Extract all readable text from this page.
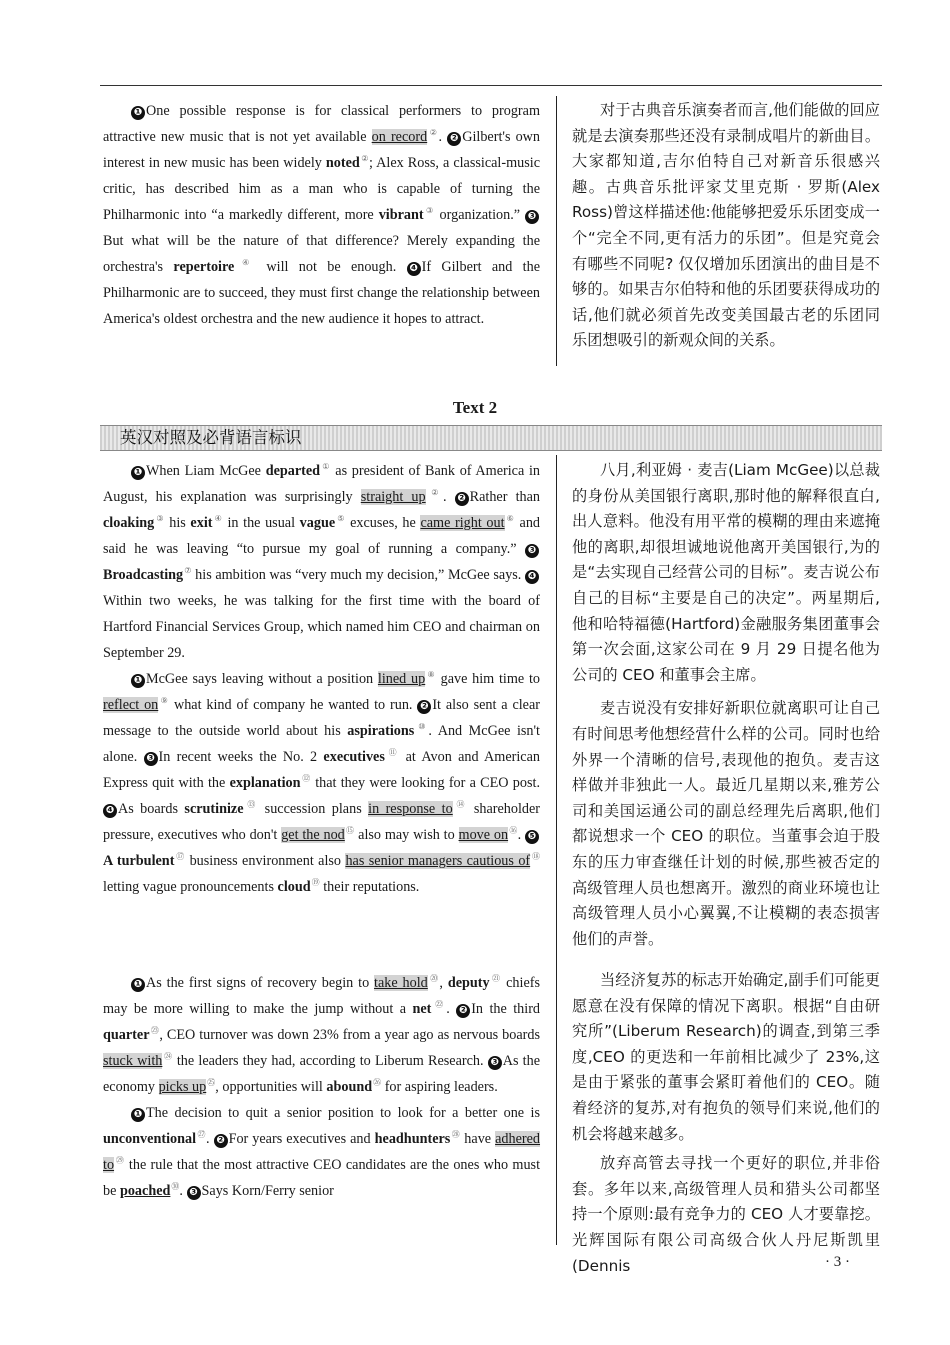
❶ One possible response is for classical performers to program attractive new music that is not yet available on record②. ❷ Gilbert's own interest in new music has been widely noted②; Alex Ross, a classical-music critic, has described him as a man who is capable of turning the Philharmonic into “a markedly different, more vibrant③ organization.” ❸But what will be the nature of that difference? Merely expanding the orchestra's repertoire④ will not be enough. ❹ If Gilbert and the Philharmonic are to succeed, they must first change the relationship between America's oldest orchestra and the new audience it hopes to attract.

对于古典音乐演奏者而言,他们能做的回应就是去演奏那些还没有录制成唱片的新曲目。大家都知道,吉尔伯特自己对新音乐很感兴趣。古典音乐批评家艾里克斯 · 罗斯(Alex Ross)曾这样描述他:他能够把爱乐乐团变成一个“完全不同,更有活力的乐团”。但是究竟会有哪些不同呢? 仅仅增加乐团演出的曲目是不够的。如果吉尔伯特和他的乐团要获得成功的话,他们就必须首先改变美国最古老的乐团同乐团想吸引的新观众间的关系。

Text 2
英汉对照及必背语言标识

❶ When Liam McGee departed① as president of Bank of America in August, his explanation was surprisingly straight up②. ❷ Rather than cloaking③ his exit④ in the usual vague⑤ excuses, he came right out⑥ and said he was leaving “to pursue my goal of running a company.” ❸Broadcasting⑦ his ambition was “very much my decision,” McGee says. ❹Within two weeks, he was talking for the first time with the board of Hartford Financial Services Group, which named him CEO and chairman on September 29.

❶ McGee says leaving without a position lined up⑧ gave him time to reflect on⑨ what kind of company he wanted to run. ❷ It also sent a clear message to the outside world about his aspirations⑩. And McGee isn't alone. ❸ In recent weeks the No. 2 executives⑪ at Avon and American Express quit with the explanation⑫ that they were looking for a CEO post. ❹ As boards scrutinize⑬ succession plans in response to⑭ shareholder pressure, executives who don't get the nod⑮ also may wish to move on⑯. ❺A turbulent⑰ business environment also has senior managers cautious of⑱ letting vague pronouncements cloud⑲ their reputations.

八月,利亚姆 · 麦吉(Liam McGee)以总裁的身份从美国银行离职,那时他的解释很直白,出人意料。他没有用平常的模糊的理由来遮掩他的离职,却很坦诚地说他离开美国银行,为的是“去实现自己经营公司的目标”。麦吉说公布自己的目标“主要是自己的决定”。两星期后,他和哈特福德(Hartford)金融服务集团董事会第一次会面,这家公司在 9 月 29 日提名他为公司的 CEO 和董事会主席。

麦吉说没有安排好新职位就离职可让自己有时间思考他想经营什么样的公司。同时也给外界一个清晰的信号,表现他的抱负。麦吉这样做并非独此一人。最近几星期以来,雅芳公司和美国运通公司的副总经理先后离职,他们都说想求一个 CEO 的职位。当董事会迫于股东的压力审查继任计划的时候,那些被否定的高级管理人员也想离开。激烈的商业环境也让高级管理人员小心翼翼,不让模糊的表态损害他们的声誉。

❶ As the first signs of recovery begin to take hold⑳, deputy$^㉑$ chiefs may be more willing to make the jump without a net$^㉒$. ❷ In the third quarter$^㉓$, CEO turnover was down 23% from a year ago as nervous boards stuck with$^㉔$ the leaders they had, according to Liberum Research. ❸ As the economy picks $up^㉕$, opportunities will abound$^㉖$ for aspiring leaders.

❶ The decision to quit a senior position to look for a better one is unconventional$^㉗$. ❷ For years executives and headhunters$^㉘$ have adhered $to^㉙$ the rule that the most attractive CEO candidates are the ones who must be poached$^㉚$. ❸ Says Korn/Ferry senior

当经济复苏的标志开始确定,副手们可能更愿意在没有保障的情况下离职。根据“自由研究所”(Liberum Research)的调查,到第三季度,CEO 的更迭和一年前相比减少了 23%,这是由于紧张的董事会紧盯着他们的 CEO。随着经济的复苏,对有抱负的领导们来说,他们的机会将越来越多。

放弃高管去寻找一个更好的职位,并非俗套。多年以来,高级管理人员和猎头公司都坚持一个原则:最有竞争力的 CEO 人才要靠挖。光辉国际有限公司高级合伙人丹尼斯凯里(Dennis	· 3 ·
